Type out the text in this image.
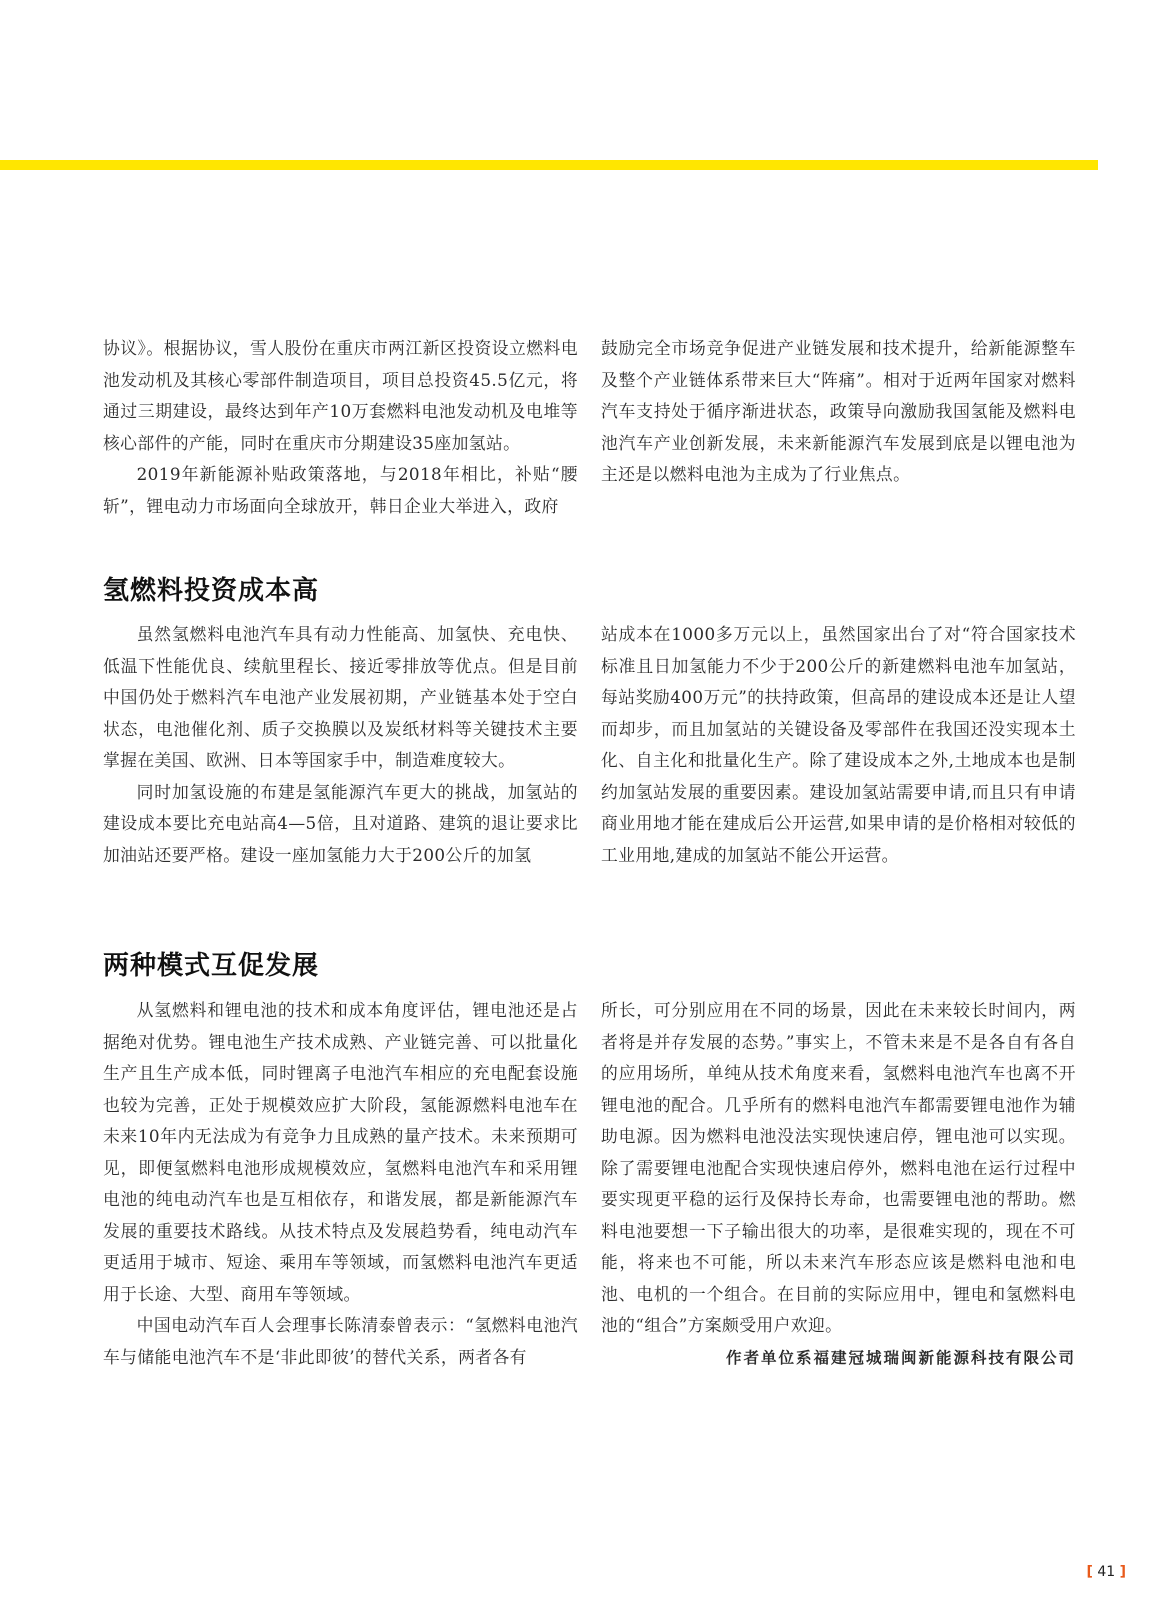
协议》。根据协议，雪人股份在重庆市两江新区投资设立燃料电池发动机及其核心零部件制造项目，项目总投资45.5亿元，将通过三期建设，最终达到年产10万套燃料电池发动机及电堆等核心部件的产能，同时在重庆市分期建设35座加氢站。

2019年新能源补贴政策落地，与2018年相比，补贴“腰斩”，锂电动力市场面向全球放开，韩日企业大举进入，政府

鼓励完全市场竞争促进产业链发展和技术提升，给新能源整车及整个产业链体系带来巨大“阵痛”。相对于近两年国家对燃料汽车支持处于循序渐进状态，政策导向激励我国氢能及燃料电池汽车产业创新发展，未来新能源汽车发展到底是以锂电池为主还是以燃料电池为主成为了行业焦点。

氢燃料投资成本高

虽然氢燃料电池汽车具有动力性能高、加氢快、充电快、低温下性能优良、续航里程长、接近零排放等优点。但是目前中国仍处于燃料汽车电池产业发展初期，产业链基本处于空白状态，电池催化剂、质子交换膜以及炭纸材料等关键技术主要掌握在美国、欧洲、日本等国家手中，制造难度较大。

同时加氢设施的布建是氢能源汽车更大的挑战，加氢站的建设成本要比充电站高4—5倍，且对道路、建筑的退让要求比加油站还要严格。建设一座加氢能力大于200公斤的加氢

站成本在1000多万元以上，虽然国家出台了对“符合国家技术标准且日加氢能力不少于200公斤的新建燃料电池车加氢站，每站奖励400万元”的扶持政策，但高昂的建设成本还是让人望而却步，而且加氢站的关键设备及零部件在我国还没实现本土化、自主化和批量化生产。除了建设成本之外,土地成本也是制约加氢站发展的重要因素。建设加氢站需要申请,而且只有申请商业用地才能在建成后公开运营,如果申请的是价格相对较低的工业用地,建成的加氢站不能公开运营。

两种模式互促发展

从氢燃料和锂电池的技术和成本角度评估，锂电池还是占据绝对优势。锂电池生产技术成熟、产业链完善、可以批量化生产且生产成本低，同时锂离子电池汽车相应的充电配套设施也较为完善，正处于规模效应扩大阶段，氢能源燃料电池车在未来10年内无法成为有竞争力且成熟的量产技术。未来预期可见，即便氢燃料电池形成规模效应，氢燃料电池汽车和采用锂电池的纯电动汽车也是互相依存，和谐发展，都是新能源汽车发展的重要技术路线。从技术特点及发展趋势看，纯电动汽车更适用于城市、短途、乘用车等领域，而氢燃料电池汽车更适用于长途、大型、商用车等领域。

中国电动汽车百人会理事长陈清泰曾表示：“氢燃料电池汽车与储能电池汽车不是‘非此即彼’的替代关系，两者各有

所长，可分别应用在不同的场景，因此在未来较长时间内，两者将是并存发展的态势。”事实上，不管未来是不是各自有各自的应用场所，单纯从技术角度来看，氢燃料电池汽车也离不开锂电池的配合。几乎所有的燃料电池汽车都需要锂电池作为辅助电源。因为燃料电池没法实现快速启停，锂电池可以实现。除了需要锂电池配合实现快速启停外，燃料电池在运行过程中要实现更平稳的运行及保持长寿命，也需要锂电池的帮助。燃料电池要想一下子输出很大的功率，是很难实现的，现在不可能，将来也不可能，所以未来汽车形态应该是燃料电池和电池、电机的一个组合。在目前的实际应用中，锂电和氢燃料电池的“组合”方案颇受用户欢迎。

作者单位系福建冠城瑞闽新能源科技有限公司

[ 41 ]
